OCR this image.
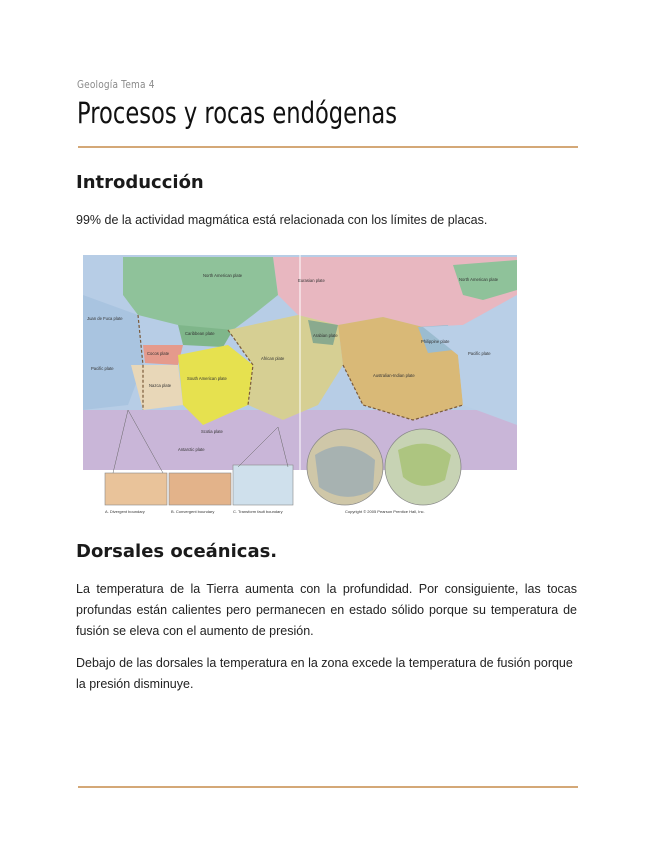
Geología Tema 4
Procesos y rocas endógenas
Introducción

99% de la actividad magmática está relacionada con los límites de placas.

North American plate
Eurasian plate
Caribbean plate
Juan de Fuca plate
Cocos plate
Pacific plate
Nazca plate
South American plate
African plate
Arabian plate
Philippine plate
Australian-Indian plate
Antarctic plate
Scotia plate
North American plate
Pacific plate
A. Divergent boundary	B. Convergent boundary	C. Transform fault boundary	Copyright © 2005 Pearson Prentice Hall, Inc.
Dorsales oceánicas.

La temperatura de la Tierra aumenta con la profundidad. Por consiguiente, las tocas profundas están calientes pero permanecen en estado sólido porque su temperatura de fusión se eleva con el aumento de presión.

Debajo de las dorsales la temperatura en la zona excede la temperatura de fusión porque la presión disminuye.
